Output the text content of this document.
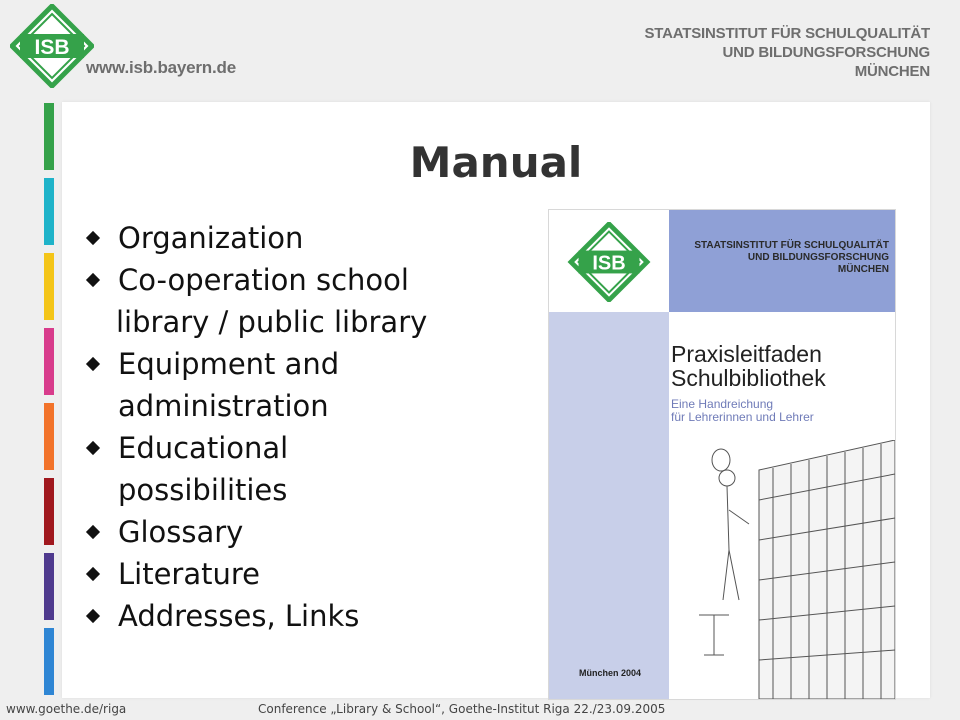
ISB
www.isb.bayern.de
STAATSINSTITUT FÜR SCHULQUALITÄT
UND BILDUNGSFORSCHUNG
MÜNCHEN
Manual
Organization
Co-operation school
library / public library
Equipment and
administration
Educational
possibilities
Glossary
Literature
Addresses, Links
ISB
STAATSINSTITUT FÜR SCHULQUALITÄT
UND BILDUNGSFORSCHUNG
MÜNCHEN
Praxisleitfaden
Schulbibliothek
Eine Handreichung
für Lehrerinnen und Lehrer
München 2004
www.goethe.de/riga	Conference „Library & School“, Goethe-Institut Riga 22./23.09.2005
